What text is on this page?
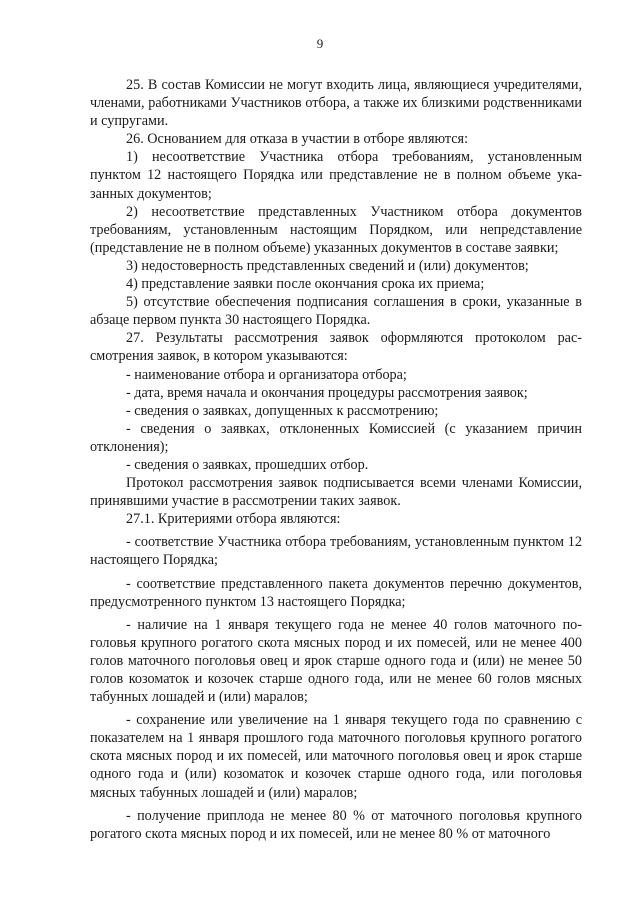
9

25. В состав Комиссии не могут входить лица, являющиеся учредителями, членами, работниками Участников отбора, а также их близкими родственниками и супругами.

26. Основанием для отказа в участии в отборе являются:

1) несоответствие Участника отбора требованиям, установленным пунктом 12 настоящего Порядка или представление не в полном объеме указанных документов;

2) несоответствие представленных Участником отбора документов требованиям, установленным настоящим Порядком, или непредставление (представление не в полном объеме) указанных документов в составе заявки;

3) недостоверность представленных сведений и (или) документов;

4) представление заявки после окончания срока их приема;

5) отсутствие обеспечения подписания соглашения в сроки, указанные в абзаце первом пункта 30 настоящего Порядка.

27. Результаты рассмотрения заявок оформляются протоколом рассмотрения заявок, в котором указываются:

- наименование отбора и организатора отбора;

- дата, время начала и окончания процедуры рассмотрения заявок;

- сведения о заявках, допущенных к рассмотрению;

- сведения о заявках, отклоненных Комиссией (с указанием причин отклонения);

- сведения о заявках, прошедших отбор.

Протокол рассмотрения заявок подписывается всеми членами Комиссии, принявшими участие в рассмотрении таких заявок.

27.1. Критериями отбора являются:

- соответствие Участника отбора требованиям, установленным пунктом 12 настоящего Порядка;

- соответствие представленного пакета документов перечню документов, предусмотренного пунктом 13 настоящего Порядка;

- наличие на 1 января текущего года не менее 40 голов маточного поголовья крупного рогатого скота мясных пород и их помесей, или не менее 400 голов маточного поголовья овец и ярок старше одного года и (или) не менее 50 голов козоматок и козочек старше одного года, или не менее 60 голов мясных табунных лошадей и (или) маралов;

- сохранение или увеличение на 1 января текущего года по сравнению с показателем на 1 января прошлого года маточного поголовья крупного рогатого скота мясных пород и их помесей, или маточного поголовья овец и ярок старше одного года и (или) козоматок и козочек старше одного года, или поголовья мясных табунных лошадей и (или) маралов;

- получение приплода не менее 80 % от маточного поголовья крупного рогатого скота мясных пород и их помесей, или не менее 80 % от маточного
